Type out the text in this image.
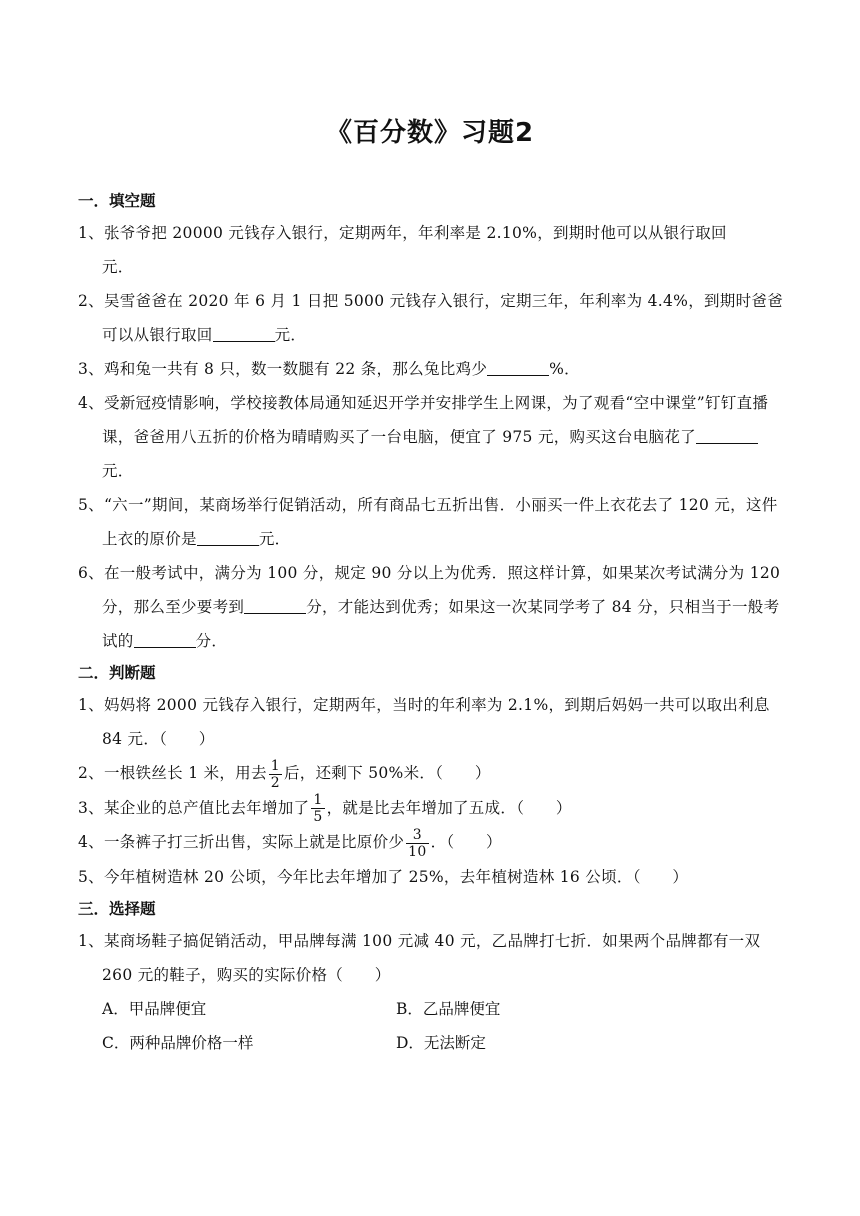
《百分数》习题2
一．填空题
1、张爷爷把 20000 元钱存入银行，定期两年，年利率是 2.10%，到期时他可以从银行取回
元．
2、吴雪爸爸在 2020 年 6 月 1 日把 5000 元钱存入银行，定期三年，年利率为 4.4%，到期时爸爸可以从银行取回	元．
3、鸡和兔一共有 8 只，数一数腿有 22 条，那么兔比鸡少	%．
4、受新冠疫情影响，学校接教体局通知延迟开学并安排学生上网课，为了观看“空中课堂”钉钉直播课，爸爸用八五折的价格为晴晴购买了一台电脑，便宜了 975 元，购买这台电脑花了元．
5、“六一”期间，某商场举行促销活动，所有商品七五折出售．小丽买一件上衣花去了 120 元，这件上衣的原价是	元．
6、在一般考试中，满分为 100 分，规定 90 分以上为优秀．照这样计算，如果某次考试满分为 120 分，那么至少要考到	分，才能达到优秀；如果这一次某同学考了 84 分，只相当于一般考试的	分．
二．判断题
1、妈妈将 2000 元钱存入银行，定期两年，当时的年利率为 2.1%，到期后妈妈一共可以取出利息 84 元．（　　）
2、一根铁丝长 1 米，用去 $\frac{1}{2}$ 后，还剩下 50%米．（　　）
3、某企业的总产值比去年增加了 $\frac{1}{5}$ ，就是比去年增加了五成．（　　）
4、一条裤子打三折出售，实际上就是比原价少 $\frac{3}{10}$ ．（　　）
5、今年植树造林 20 公顷，今年比去年增加了 25%，去年植树造林 16 公顷．（　　）
三．选择题
1、某商场鞋子搞促销活动，甲品牌每满 100 元减 40 元，乙品牌打七折．如果两个品牌都有一双 260 元的鞋子，购买的实际价格（　　）
A．甲品牌便宜	B．乙品牌便宜
C．两种品牌价格一样	D．无法断定
